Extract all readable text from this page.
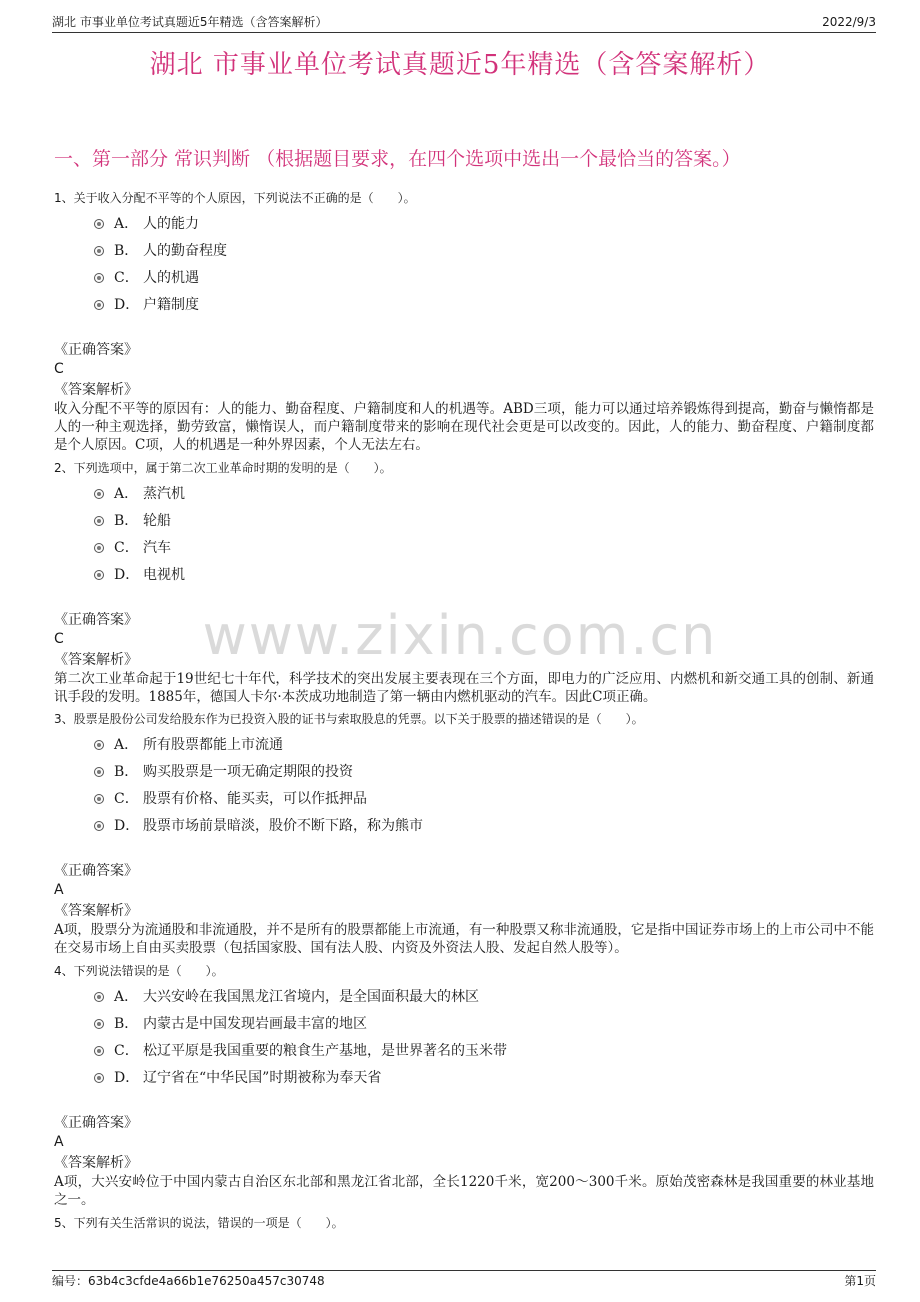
湖北 市事业单位考试真题近5年精选（含答案解析）	2022/9/3
湖北 市事业单位考试真题近5年精选（含答案解析）
一、第一部分 常识判断 （根据题目要求，在四个选项中选出一个最恰当的答案。）
www.zixin.com.cn
1、关于收入分配不平等的个人原因，下列说法不正确的是（　　）。
A． 人的能力
B． 人的勤奋程度
C． 人的机遇
D． 户籍制度
《正确答案》
C
《答案解析》
收入分配不平等的原因有：人的能力、勤奋程度、户籍制度和人的机遇等。ABD三项，能力可以通过培养锻炼得到提高，勤奋与懒惰都是人的一种主观选择，勤劳致富，懒惰误人，而户籍制度带来的影响在现代社会更是可以改变的。因此，人的能力、勤奋程度、户籍制度都是个人原因。C项，人的机遇是一种外界因素，个人无法左右。
2、下列选项中，属于第二次工业革命时期的发明的是（　　）。
A． 蒸汽机
B． 轮船
C． 汽车
D． 电视机
《正确答案》
C
《答案解析》
第二次工业革命起于19世纪七十年代，科学技术的突出发展主要表现在三个方面，即电力的广泛应用、内燃机和新交通工具的创制、新通讯手段的发明。1885年，德国人卡尔·本茨成功地制造了第一辆由内燃机驱动的汽车。因此C项正确。
3、股票是股份公司发给股东作为已投资入股的证书与索取股息的凭票。以下关于股票的描述错误的是（　　）。
A． 所有股票都能上市流通
B． 购买股票是一项无确定期限的投资
C． 股票有价格、能买卖，可以作抵押品
D． 股票市场前景暗淡，股价不断下路，称为熊市
《正确答案》
A
《答案解析》
A项，股票分为流通股和非流通股，并不是所有的股票都能上市流通，有一种股票又称非流通股，它是指中国证券市场上的上市公司中不能在交易市场上自由买卖股票（包括国家股、国有法人股、内资及外资法人股、发起自然人股等）。
4、下列说法错误的是（　　）。
A． 大兴安岭在我国黑龙江省境内，是全国面积最大的林区
B． 内蒙古是中国发现岩画最丰富的地区
C． 松辽平原是我国重要的粮食生产基地，是世界著名的玉米带
D． 辽宁省在“中华民国”时期被称为奉天省
《正确答案》
A
《答案解析》
A项，大兴安岭位于中国内蒙古自治区东北部和黑龙江省北部，全长1220千米，宽200～300千米。原始茂密森林是我国重要的林业基地之一。
5、下列有关生活常识的说法，错误的一项是（　　）。
编号：63b4c3cfde4a66b1e76250a457c30748	第1页
